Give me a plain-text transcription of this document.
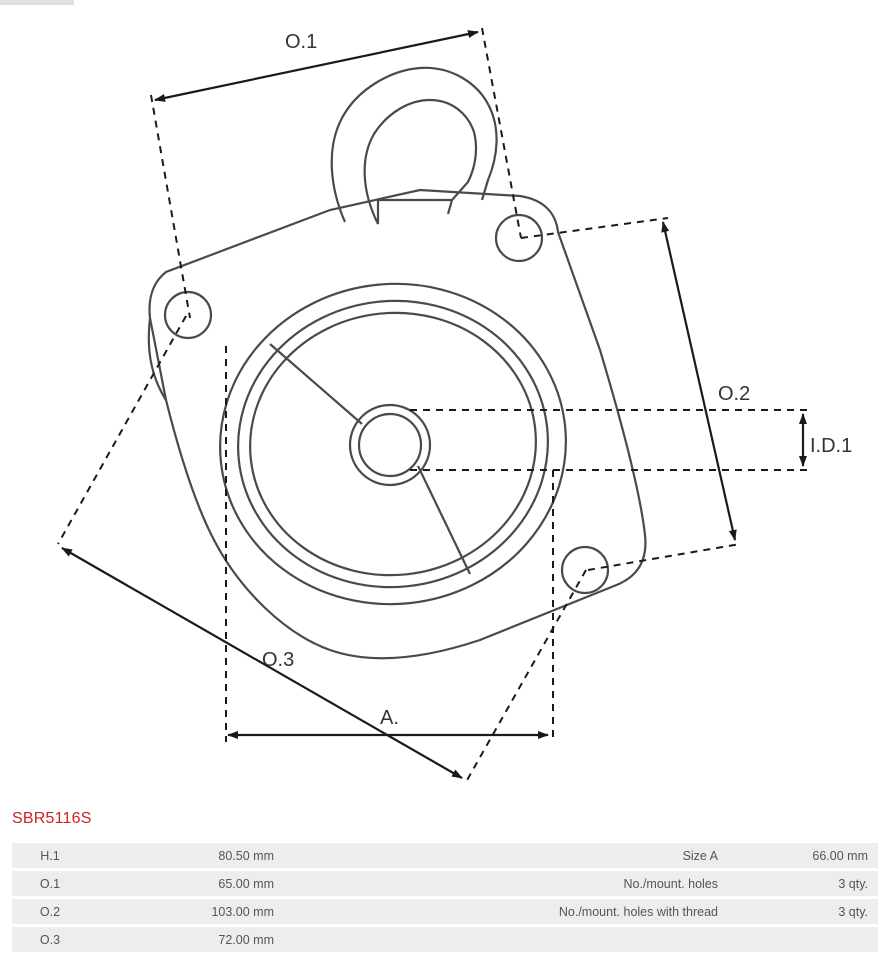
O.1
O.2
O.3
I.D.1
A.
SBR5116S
H.1	80.50 mm		Size A	66.00 mm
O.1	65.00 mm		No./mount. holes	3 qty.
O.2	103.00 mm		No./mount. holes with thread	3 qty.
O.3	72.00 mm			
